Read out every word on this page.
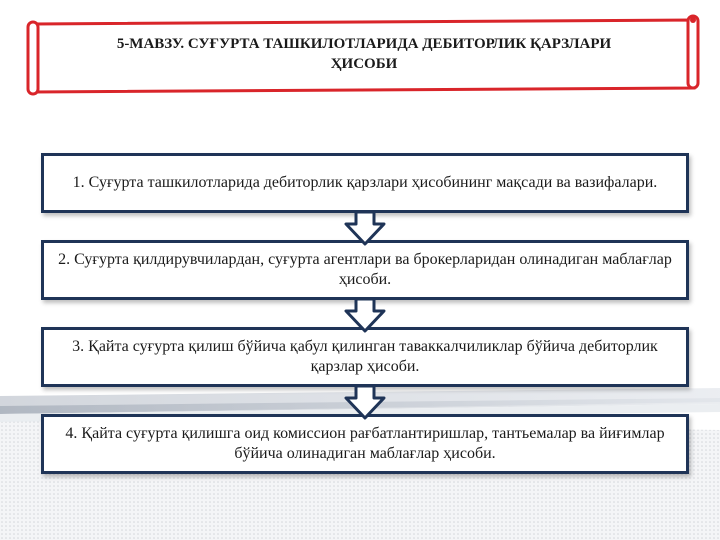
5-МАВЗУ. СУҒУРТА ТАШКИЛОТЛАРИДА ДЕБИТОРЛИК ҚАРЗЛАРИ
ҲИСОБИ
1. Суғурта ташкилотларида дебиторлик қарзлари ҳисобининг мақсади ва вазифалари.
2. Суғурта қилдирувчилардан, суғурта агентлари ва брокерларидан олинадиган маблағлар ҳисоби.
3. Қайта суғурта қилиш бўйича қабул қилинган таваккалчиликлар бўйича дебиторлик қарзлар ҳисоби.
4. Қайта суғурта қилишга оид комиссион рағбатлантиришлар, тантьемалар ва йиғимлар бўйича олинадиган маблағлар ҳисоби.
